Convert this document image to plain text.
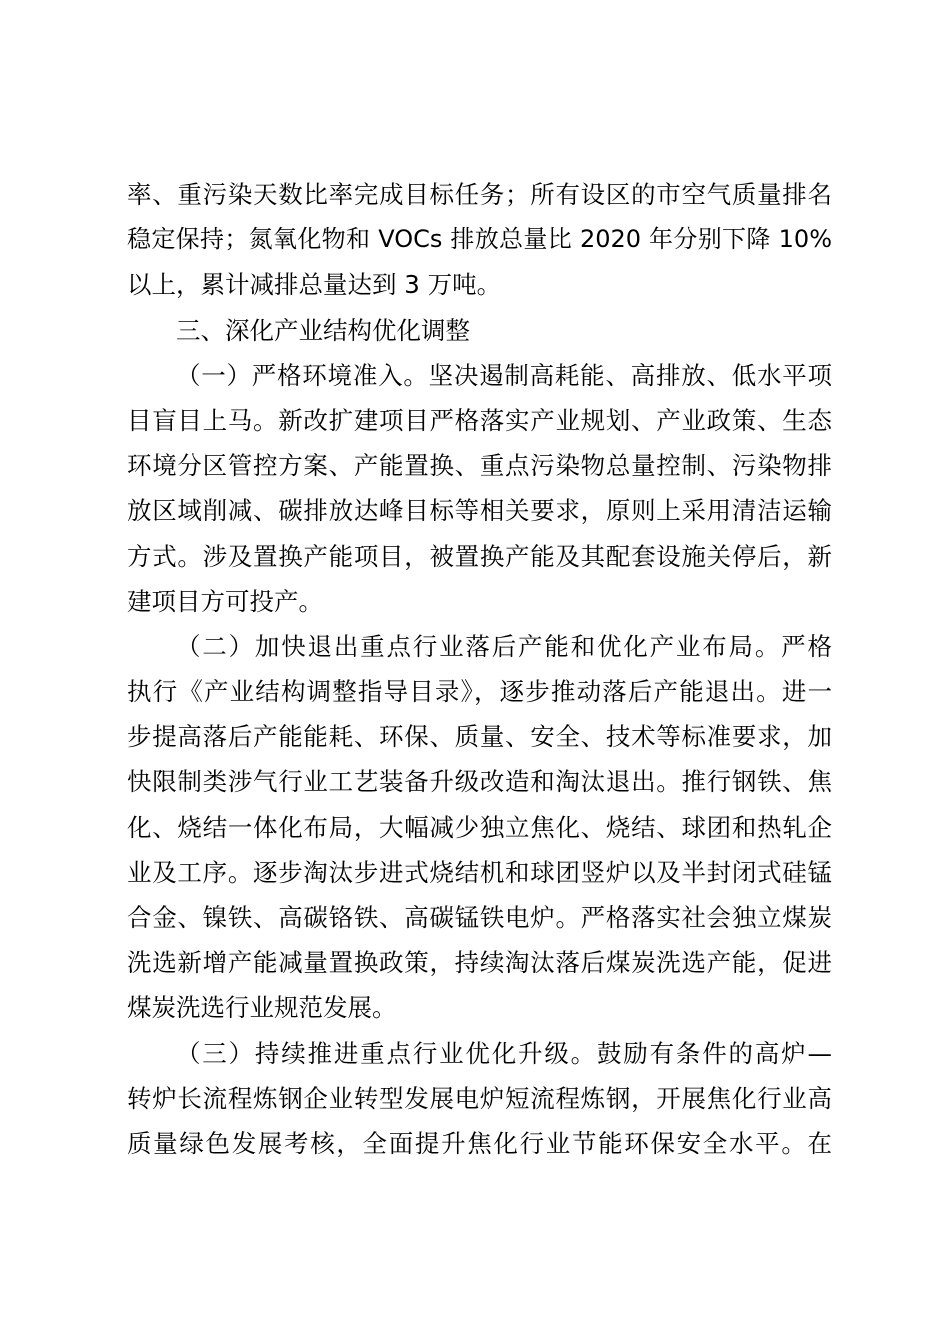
率、重污染天数比率完成目标任务；所有设区的市空气质量排名
稳定保持；氮氧化物和 VOCs 排放总量比 2020 年分别下降 10%
以上，累计减排总量达到 3 万吨。
三、深化产业结构优化调整
（一）严格环境准入。坚决遏制高耗能、高排放、低水平项
目盲目上马。新改扩建项目严格落实产业规划、产业政策、生态
环境分区管控方案、产能置换、重点污染物总量控制、污染物排
放区域削减、碳排放达峰目标等相关要求，原则上采用清洁运输
方式。涉及置换产能项目，被置换产能及其配套设施关停后，新
建项目方可投产。
（二）加快退出重点行业落后产能和优化产业布局。严格
执行《产业结构调整指导目录》，逐步推动落后产能退出。进一
步提高落后产能能耗、环保、质量、安全、技术等标准要求，加
快限制类涉气行业工艺装备升级改造和淘汰退出。推行钢铁、焦
化、烧结一体化布局，大幅减少独立焦化、烧结、球团和热轧企
业及工序。逐步淘汰步进式烧结机和球团竖炉以及半封闭式硅锰
合金、镍铁、高碳铬铁、高碳锰铁电炉。严格落实社会独立煤炭
洗选新增产能减量置换政策，持续淘汰落后煤炭洗选产能，促进
煤炭洗选行业规范发展。
（三）持续推进重点行业优化升级。鼓励有条件的高炉—
转炉长流程炼钢企业转型发展电炉短流程炼钢，开展焦化行业高
质量绿色发展考核，全面提升焦化行业节能环保安全水平。在
